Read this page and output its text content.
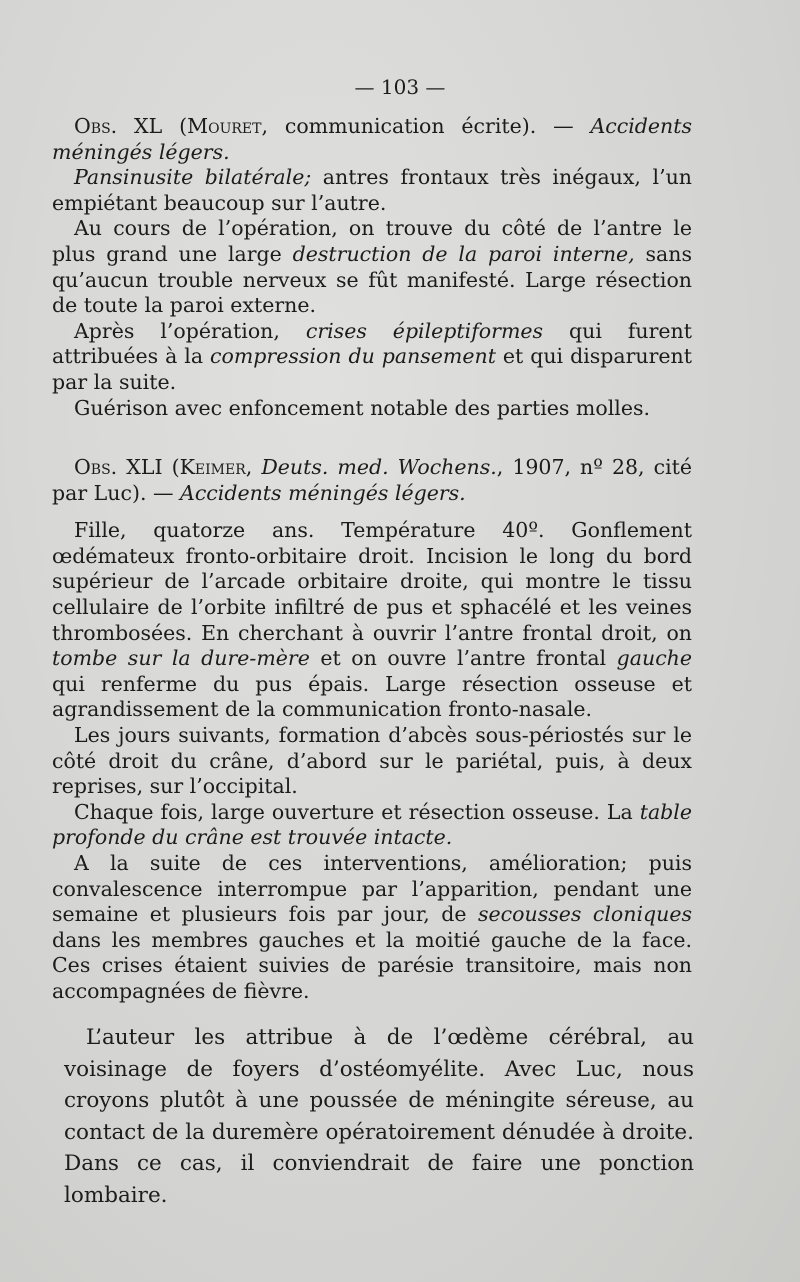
— 103 —

Obs. XL (Mouret, communication écrite). — Accidents méningés légers.

Pansinusite bilatérale; antres frontaux très inégaux, l’un empiétant beaucoup sur l’autre.

Au cours de l’opération, on trouve du côté de l’antre le plus grand une large destruction de la paroi interne, sans qu’aucun trouble nerveux se fût manifesté. Large résection de toute la paroi externe.

Après l’opération, crises épileptiformes qui furent attribuées à la compression du pansement et qui disparurent par la suite.

Guérison avec enfoncement notable des parties molles.

Obs. XLI (Keimer, Deuts. med. Wochens., 1907, nº 28, cité par Luc). — Accidents méningés légers.

Fille, quatorze ans. Température 40º. Gonflement œdémateux fronto-orbitaire droit. Incision le long du bord supérieur de l’arcade orbitaire droite, qui montre le tissu cellulaire de l’orbite infiltré de pus et sphacélé et les veines thrombosées. En cherchant à ouvrir l’antre frontal droit, on tombe sur la dure-mère et on ouvre l’antre frontal gauche qui renferme du pus épais. Large résection osseuse et agrandissement de la communication fronto-nasale.

Les jours suivants, formation d’abcès sous-périostés sur le côté droit du crâne, d’abord sur le pariétal, puis, à deux reprises, sur l’occipital.

Chaque fois, large ouverture et résection osseuse. La table profonde du crâne est trouvée intacte.

A la suite de ces interventions, amélioration; puis convalescence interrompue par l’apparition, pendant une semaine et plusieurs fois par jour, de secousses cloniques dans les membres gauches et la moitié gauche de la face. Ces crises étaient suivies de parésie transitoire, mais non accompagnées de fièvre.

L’auteur les attribue à de l’œdème cérébral, au voisinage de foyers d’ostéomyélite. Avec Luc, nous croyons plutôt à une poussée de méningite séreuse, au contact de la duremère opératoirement dénudée à droite. Dans ce cas, il conviendrait de faire une ponction lombaire.
